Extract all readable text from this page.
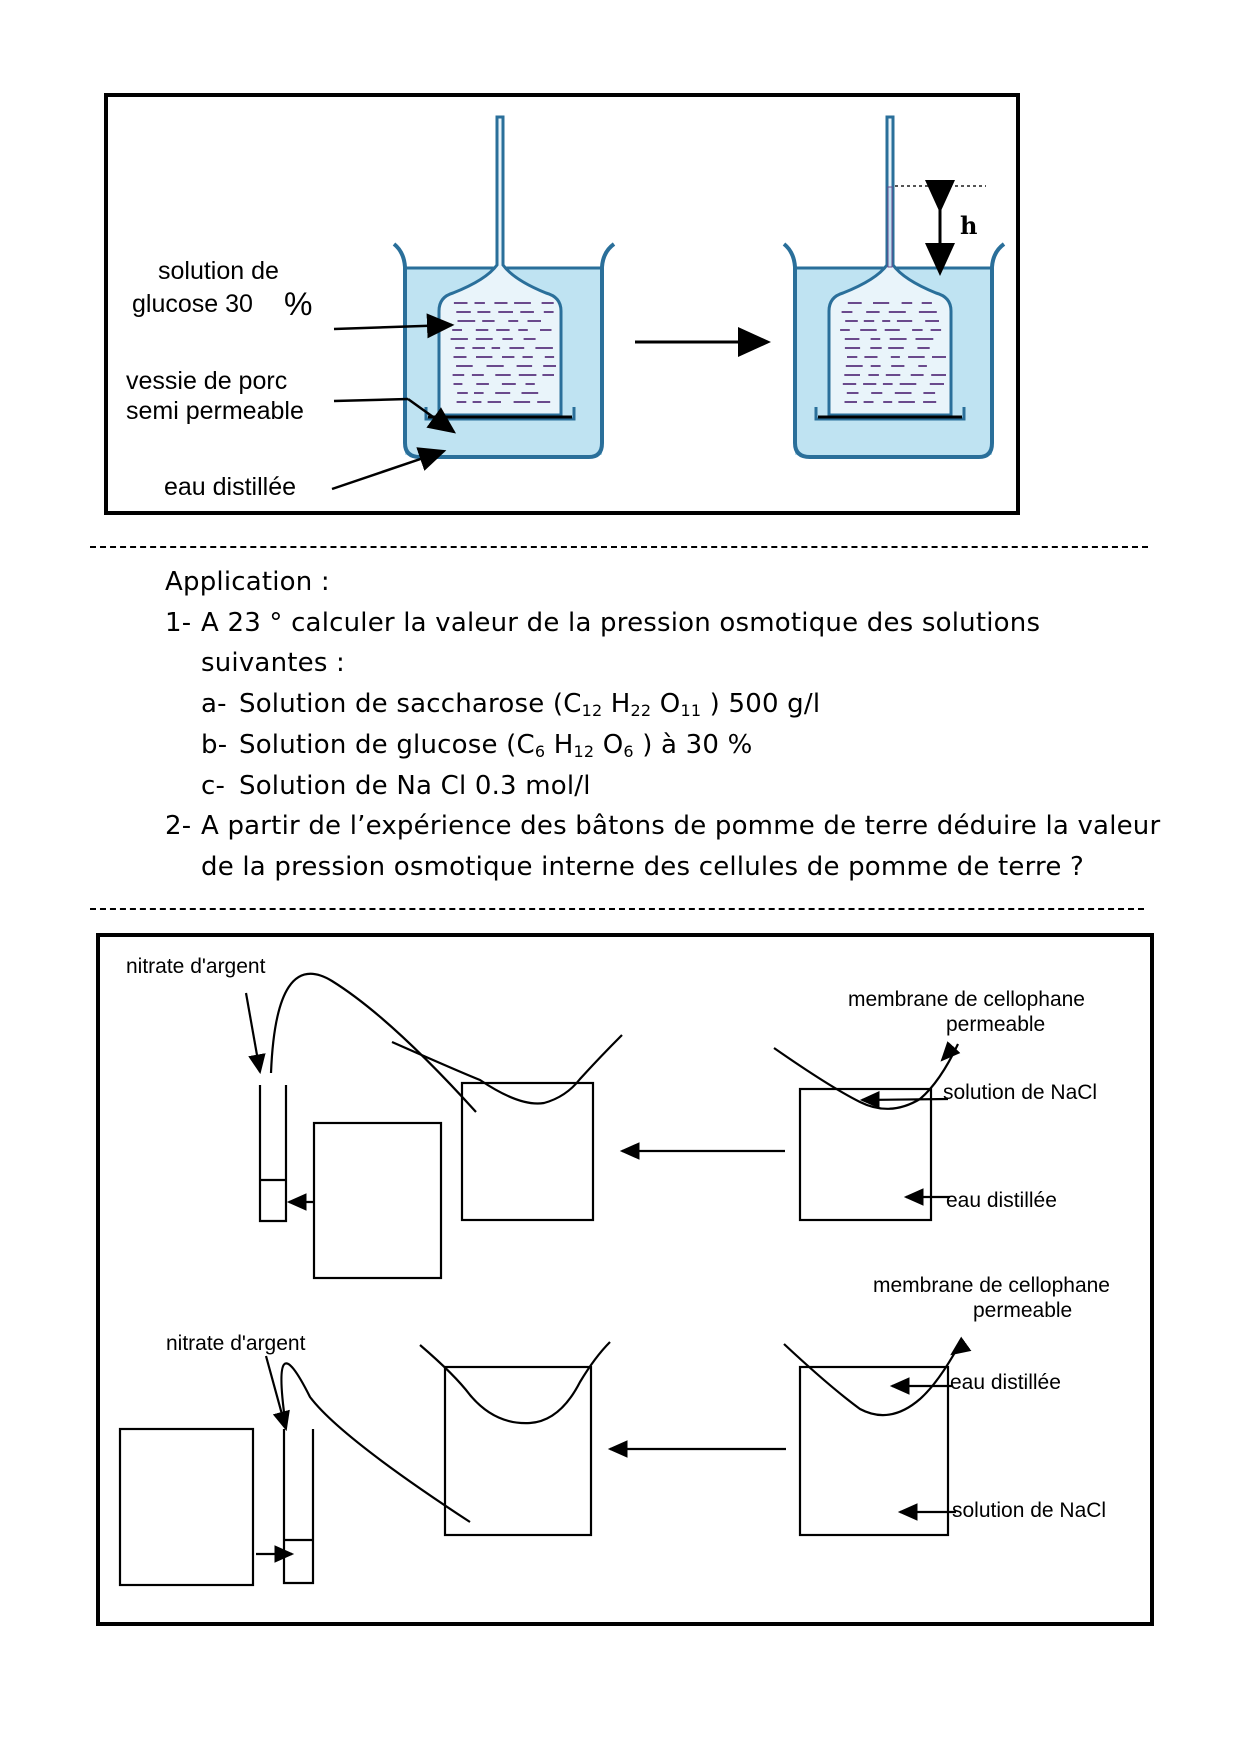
h
solution de
glucose 30 %
vessie de porc
semi permeable
eau distillée
Application :
1- A 23 ° calculer la valeur de la pression osmotique des solutions
suivantes :
a- Solution de saccharose ($C_{12}$ $H_{22}$ $O_{11}$ ) 500 g/l
b- Solution de glucose ($C_6$ $H_{12}$ $O_6$ ) à 30 %
c- Solution de Na Cl 0.3 mol/l
2- A partir de l’expérience des bâtons de pomme de terre déduire la valeur
de la pression osmotique interne des cellules de pomme de terre ?
nitrate d'argent
membrane de cellophane
permeable
solution de NaCl
eau distillée
nitrate d'argent
membrane de cellophane
permeable
eau distillée
solution de NaCl
